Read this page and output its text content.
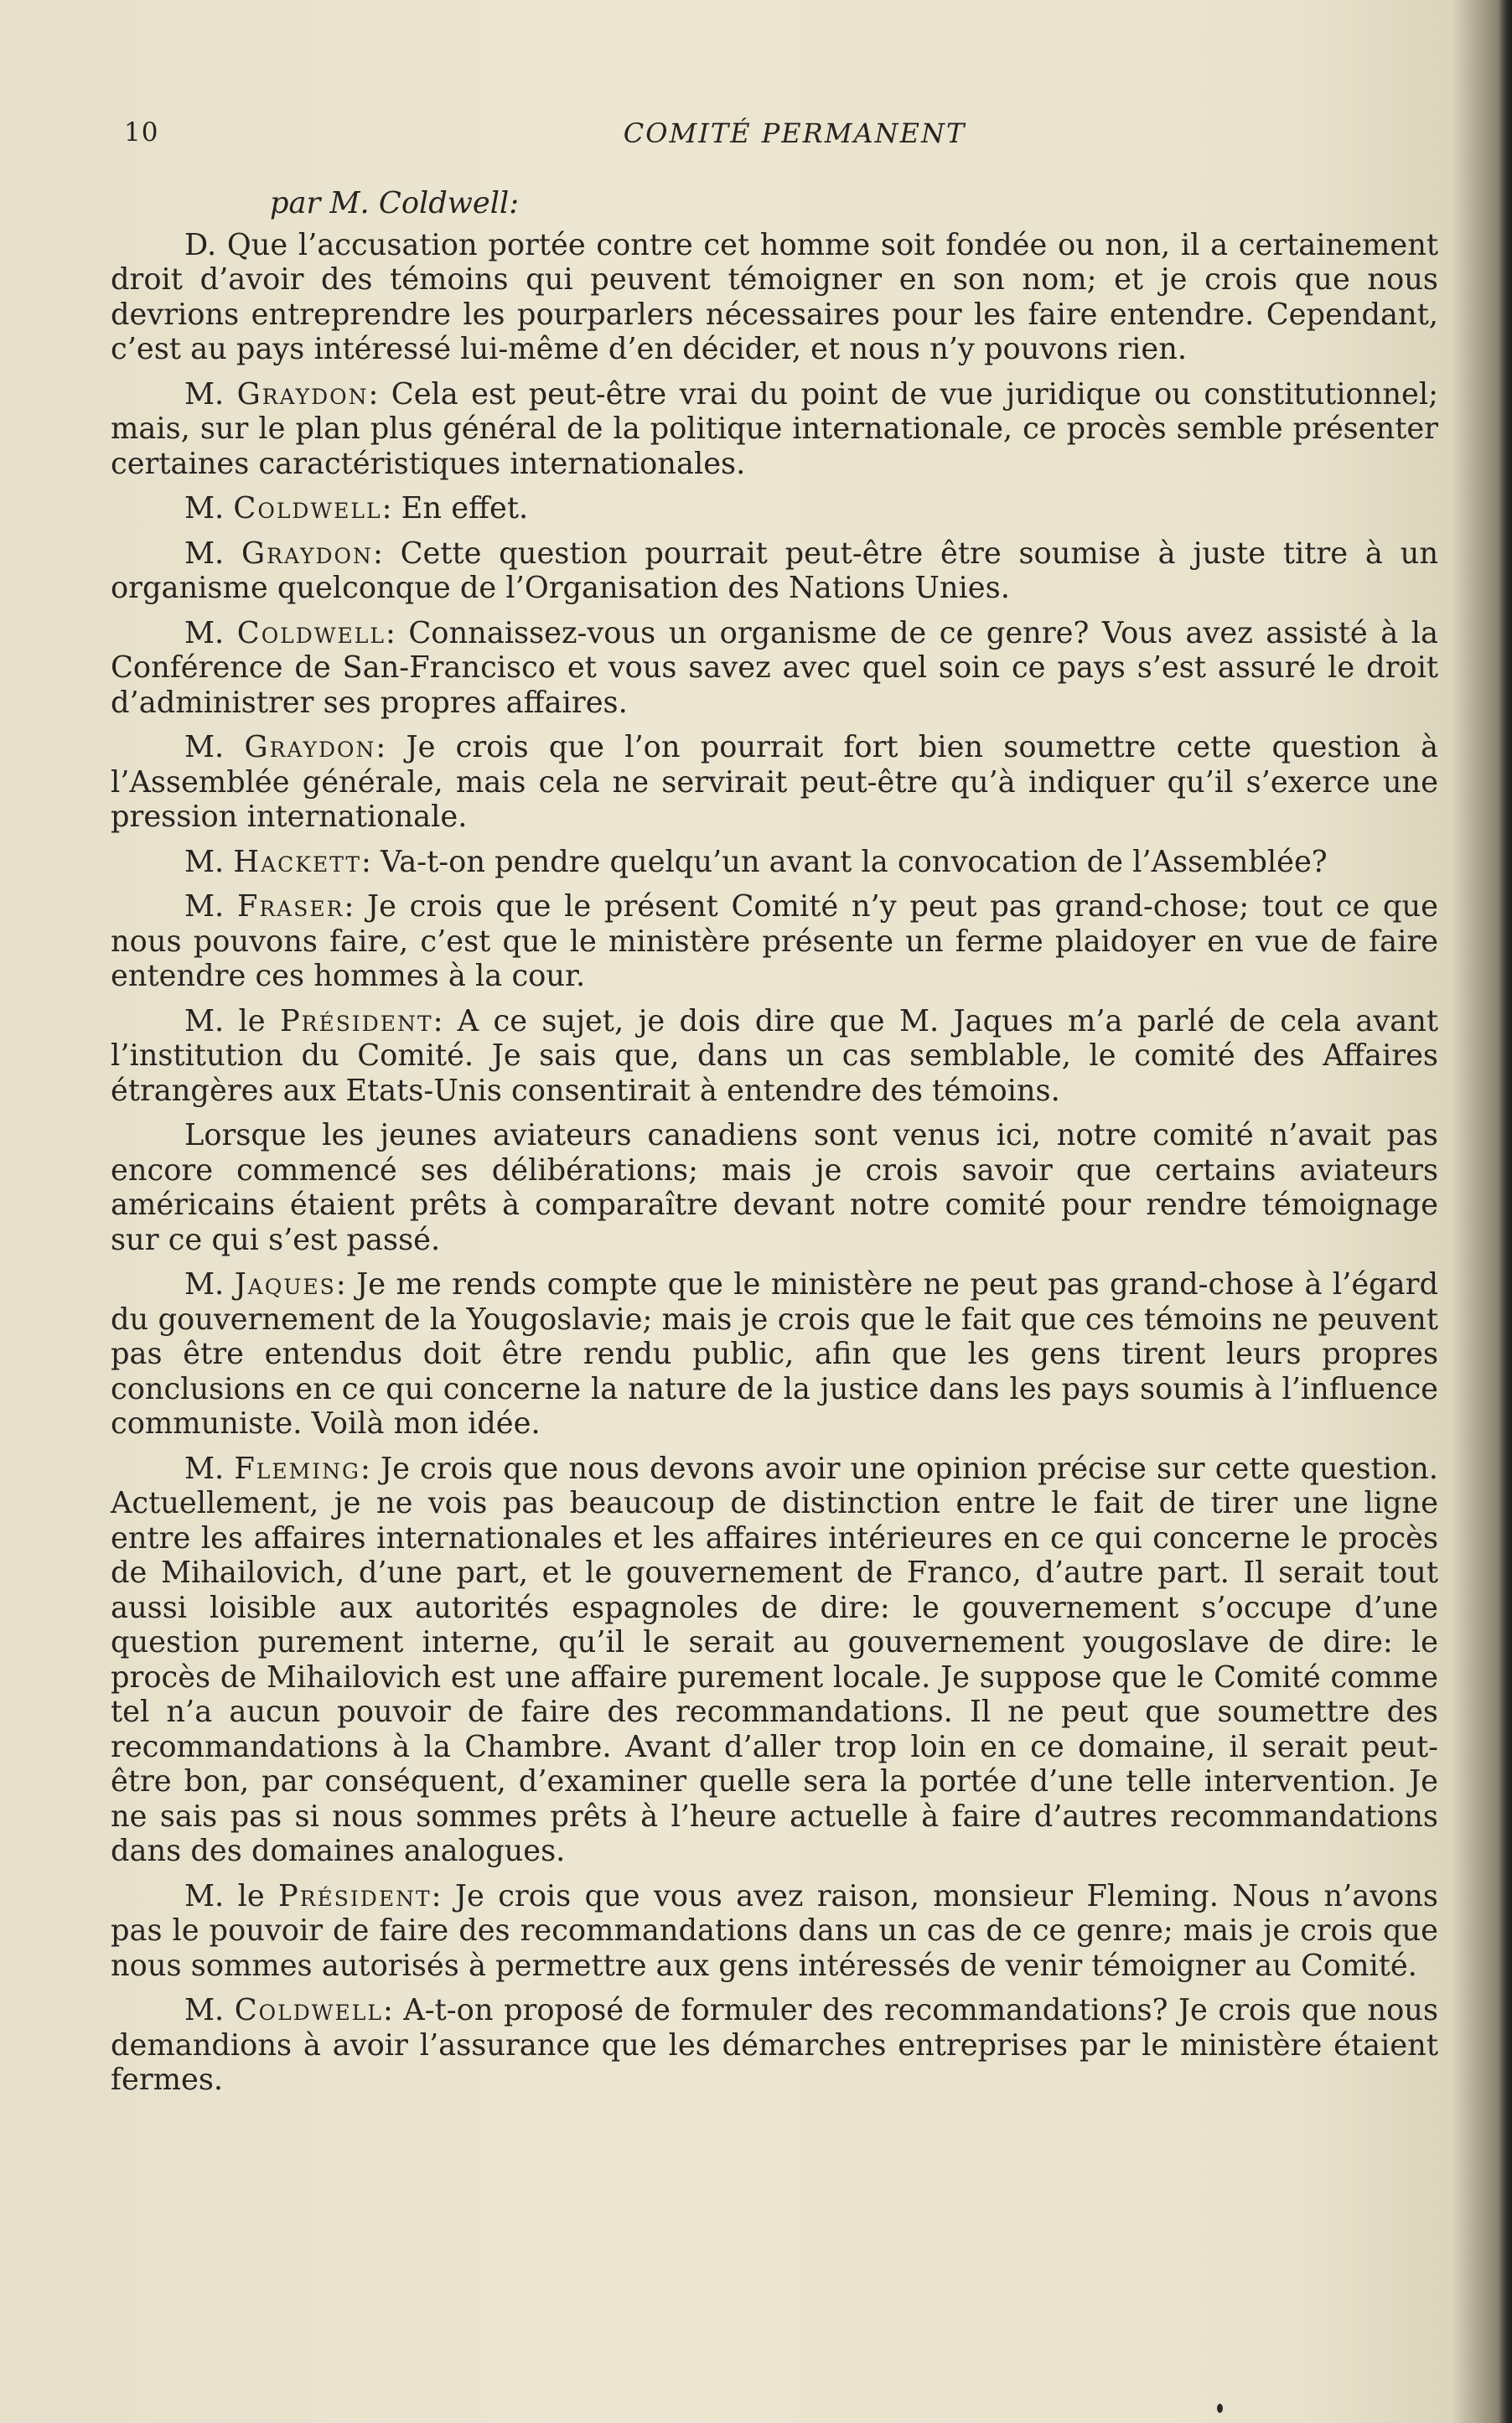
10	COMITÉ PERMANENT
par M. Coldwell:

D. Que l’accusation portée contre cet homme soit fondée ou non, il a certainement droit d’avoir des témoins qui peuvent témoigner en son nom; et je crois que nous devrions entreprendre les pourparlers nécessaires pour les faire entendre. Cependant, c’est au pays intéressé lui-même d’en décider, et nous n’y pouvons rien.

M. Graydon: Cela est peut-être vrai du point de vue juridique ou constitutionnel; mais, sur le plan plus général de la politique internationale, ce procès semble présenter certaines caractéristiques internationales.

M. Coldwell: En effet.

M. Graydon: Cette question pourrait peut-être être soumise à juste titre à un organisme quelconque de l’Organisation des Nations Unies.

M. Coldwell: Connaissez-vous un organisme de ce genre? Vous avez assisté à la Conférence de San-Francisco et vous savez avec quel soin ce pays s’est assuré le droit d’administrer ses propres affaires.

M. Graydon: Je crois que l’on pourrait fort bien soumettre cette question à l’Assemblée générale, mais cela ne servirait peut-être qu’à indiquer qu’il s’exerce une pression internationale.

M. Hackett: Va-t-on pendre quelqu’un avant la convocation de l’Assemblée?

M. Fraser: Je crois que le présent Comité n’y peut pas grand-chose; tout ce que nous pouvons faire, c’est que le ministère présente un ferme plaidoyer en vue de faire entendre ces hommes à la cour.

M. le Président: A ce sujet, je dois dire que M. Jaques m’a parlé de cela avant l’institution du Comité. Je sais que, dans un cas semblable, le comité des Affaires étrangères aux Etats-Unis consentirait à entendre des témoins.

Lorsque les jeunes aviateurs canadiens sont venus ici, notre comité n’avait pas encore commencé ses délibérations; mais je crois savoir que certains aviateurs américains étaient prêts à comparaître devant notre comité pour rendre témoignage sur ce qui s’est passé.

M. Jaques: Je me rends compte que le ministère ne peut pas grand-chose à l’égard du gouvernement de la Yougoslavie; mais je crois que le fait que ces témoins ne peuvent pas être entendus doit être rendu public, afin que les gens tirent leurs propres conclusions en ce qui concerne la nature de la justice dans les pays soumis à l’influence communiste. Voilà mon idée.

M. Fleming: Je crois que nous devons avoir une opinion précise sur cette question. Actuellement, je ne vois pas beaucoup de distinction entre le fait de tirer une ligne entre les affaires internationales et les affaires intérieures en ce qui concerne le procès de Mihailovich, d’une part, et le gouvernement de Franco, d’autre part. Il serait tout aussi loisible aux autorités espagnoles de dire: le gouvernement s’occupe d’une question purement interne, qu’il le serait au gouvernement yougoslave de dire: le procès de Mihailovich est une affaire purement locale. Je suppose que le Comité comme tel n’a aucun pouvoir de faire des recommandations. Il ne peut que soumettre des recommandations à la Chambre. Avant d’aller trop loin en ce domaine, il serait peut-être bon, par conséquent, d’examiner quelle sera la portée d’une telle intervention. Je ne sais pas si nous sommes prêts à l’heure actuelle à faire d’autres recommandations dans des domaines analogues.

M. le Président: Je crois que vous avez raison, monsieur Fleming. Nous n’avons pas le pouvoir de faire des recommandations dans un cas de ce genre; mais je crois que nous sommes autorisés à permettre aux gens intéressés de venir témoigner au Comité.

M. Coldwell: A-t-on proposé de formuler des recommandations? Je crois que nous demandions à avoir l’assurance que les démarches entreprises par le ministère étaient fermes.
